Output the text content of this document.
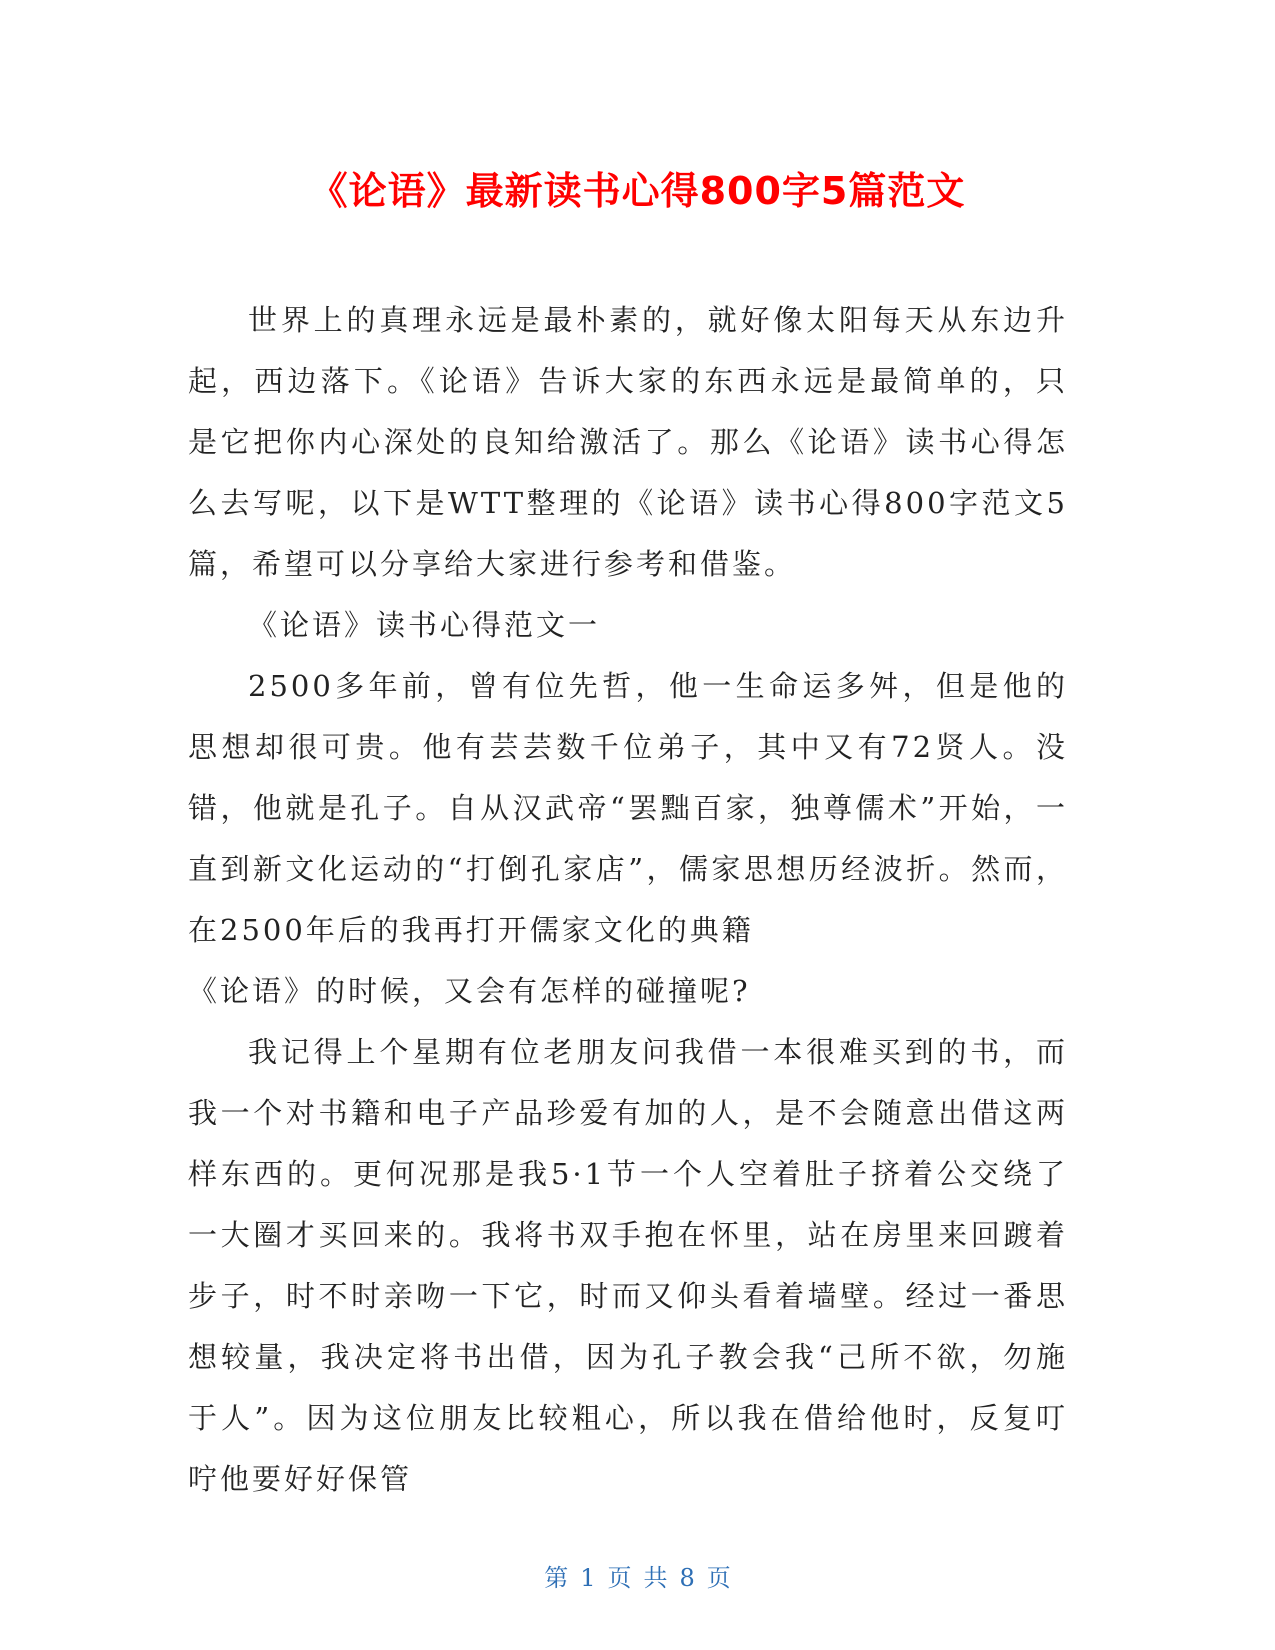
《论语》最新读书心得800字5篇范文

世界上的真理永远是最朴素的，就好像太阳每天从东边升起，西边落下。《论语》告诉大家的东西永远是最简单的，只是它把你内心深处的良知给激活了。那么《论语》读书心得怎么去写呢，以下是WTT整理的《论语》读书心得800字范文5篇，希望可以分享给大家进行参考和借鉴。

《论语》读书心得范文一

2500多年前，曾有位先哲，他一生命运多舛，但是他的思想却很可贵。他有芸芸数千位弟子，其中又有72贤人。没错，他就是孔子。自从汉武帝“罢黜百家，独尊儒术”开始，一直到新文化运动的“打倒孔家店”，儒家思想历经波折。然而，在2500年后的我再打开儒家文化的典籍

《论语》的时候，又会有怎样的碰撞呢?

我记得上个星期有位老朋友问我借一本很难买到的书，而我一个对书籍和电子产品珍爱有加的人，是不会随意出借这两样东西的。更何况那是我5·1节一个人空着肚子挤着公交绕了一大圈才买回来的。我将书双手抱在怀里，站在房里来回踱着步子，时不时亲吻一下它，时而又仰头看着墙壁。经过一番思想较量，我决定将书出借，因为孔子教会我“己所不欲，勿施于人”。因为这位朋友比较粗心，所以我在借给他时，反复叮咛他要好好保管

第 1 页 共 8 页
